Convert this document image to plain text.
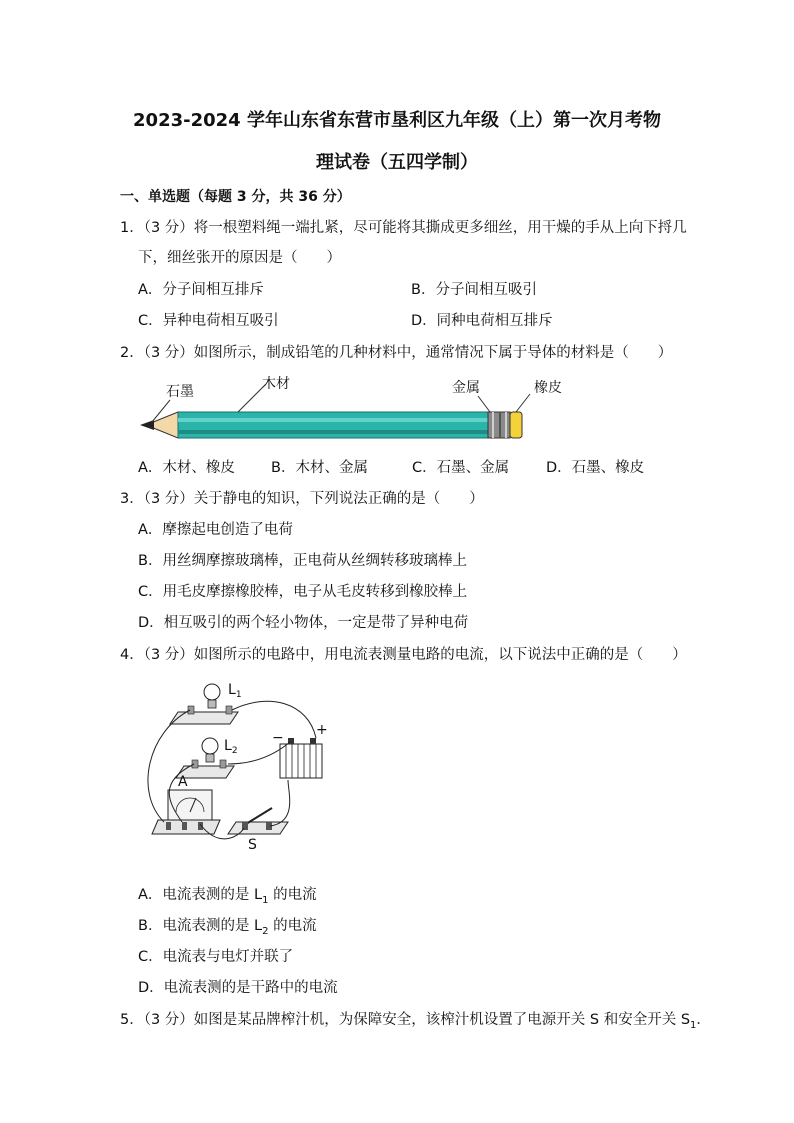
2023-2024 学年山东省东营市垦利区九年级（上）第一次月考物
理试卷（五四学制）
一、单选题（每题 3 分，共 36 分）
1．（3 分）将一根塑料绳一端扎紧，尽可能将其撕成更多细丝，用干燥的手从上向下捋几
下，细丝张开的原因是（　　）
A．分子间相互排斥	B．分子间相互吸引
C．异种电荷相互吸引	D．同种电荷相互排斥
2．（3 分）如图所示，制成铅笔的几种材料中，通常情况下属于导体的材料是（　　）
石墨	木材	金属	橡皮
A．木材、橡皮 B．木材、金属	C．石墨、金属	D．石墨、橡皮
3．（3 分）关于静电的知识，下列说法正确的是（　　）
A．摩擦起电创造了电荷
B．用丝绸摩擦玻璃棒，正电荷从丝绸转移玻璃棒上
C．用毛皮摩擦橡胶棒，电子从毛皮转移到橡胶棒上
D．相互吸引的两个轻小物体，一定是带了异种电荷
4．（3 分）如图所示的电路中，用电流表测量电路的电流，以下说法中正确的是（　　）
$L_1$
$L_2$
− +
A
S
A．电流表测的是 $L_1$ 的电流
B．电流表测的是 $L_2$ 的电流
C．电流表与电灯并联了
D．电流表测的是干路中的电流
5．（3 分）如图是某品牌榨汁机，为保障安全，该榨汁机设置了电源开关 S 和安全开关 $S_1$．
